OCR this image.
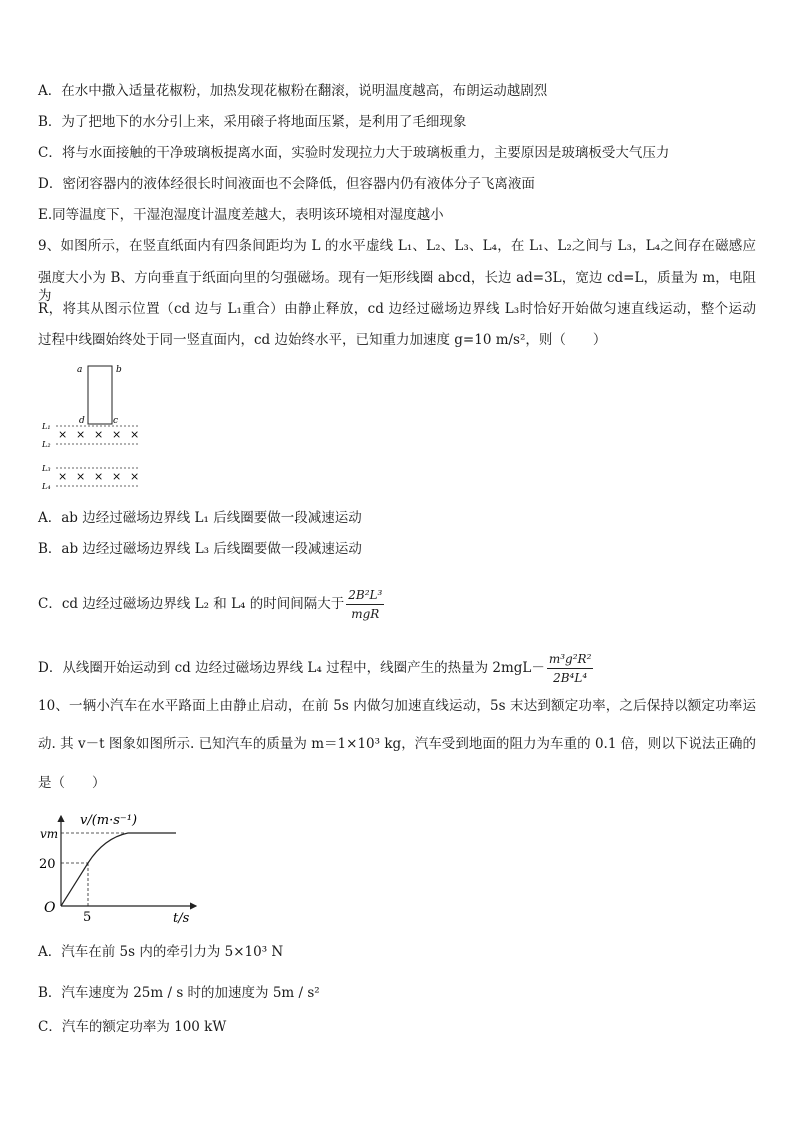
A．在水中撒入适量花椒粉，加热发现花椒粉在翻滚，说明温度越高，布朗运动越剧烈
B．为了把地下的水分引上来，采用磙子将地面压紧，是利用了毛细现象
C．将与水面接触的干净玻璃板提离水面，实验时发现拉力大于玻璃板重力，主要原因是玻璃板受大气压力
D．密闭容器内的液体经很长时间液面也不会降低，但容器内仍有液体分子飞离液面
E.同等温度下，干湿泡湿度计温度差越大，表明该环境相对湿度越小
9、如图所示，在竖直纸面内有四条间距均为 L 的水平虚线 L₁、L₂、L₃、L₄，在 L₁、L₂之间与 L₃，L₄之间存在磁感应
强度大小为 B、方向垂直于纸面向里的匀强磁场。现有一矩形线圈 abcd，长边 ad=3L，宽边 cd=L，质量为 m，电阻为
R，将其从图示位置（cd 边与 L₁重合）由静止释放，cd 边经过磁场边界线 L₃时恰好开始做匀速直线运动，整个运动
过程中线圈始终处于同一竖直面内，cd 边始终水平，已知重力加速度 g=10 m/s²，则（　　）
a	b
d	c
L₁
L₂
L₃
L₄
× × × × ×
× × × × ×
A．ab 边经过磁场边界线 L₁ 后线圈要做一段减速运动
B．ab 边经过磁场边界线 L₃ 后线圈要做一段减速运动
C．cd 边经过磁场边界线 L₂ 和 L₄ 的时间间隔大于 $\frac{\text{2B²L³}}{\text{mgR}}$
D．从线圈开始运动到 cd 边经过磁场边界线 L₄ 过程中，线圈产生的热量为 $2mgL- \frac{\text{m³g²R²}}{\text{2B⁴L⁴}}$
10、一辆小汽车在水平路面上由静止启动，在前 5s 内做匀加速直线运动，5s 末达到额定功率，之后保持以额定功率运
动. 其 v－t 图象如图所示. 已知汽车的质量为 m＝1×10³ kg，汽车受到地面的阻力为车重的 0.1 倍，则以下说法正确的
是（　　）
v/(m·s⁻¹)
vm
20
O
5	t/s
A．汽车在前 5s 内的牵引力为 5×10³ N
B．汽车速度为 25m / s 时的加速度为 5m / s²
C．汽车的额定功率为 100 kW
